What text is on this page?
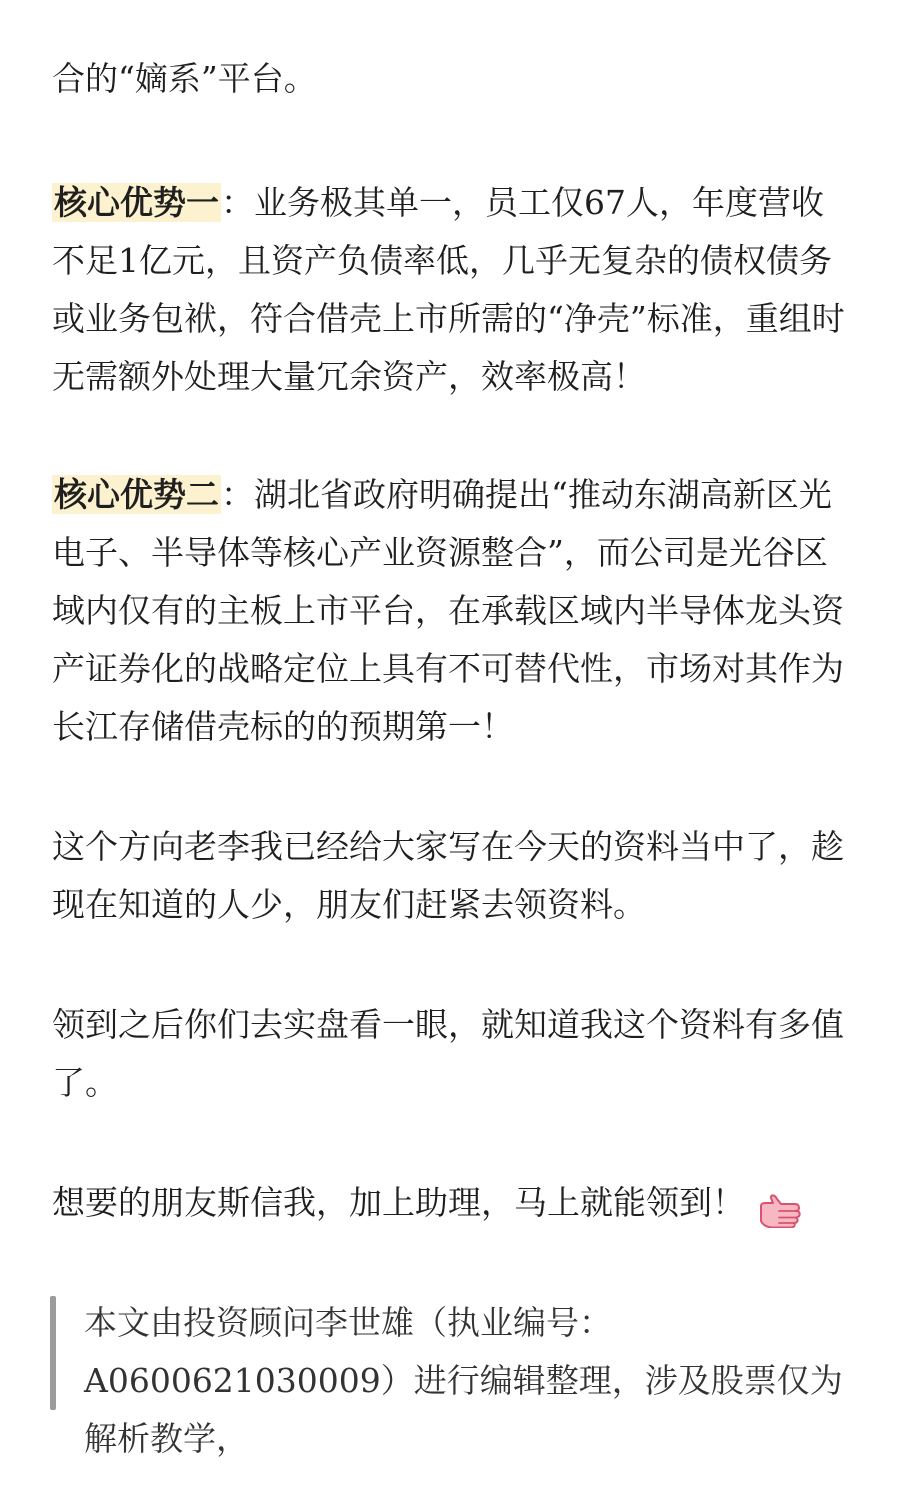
合的“嫡系”平台。

核心优势一：业务极其单一，员工仅67人，年度营收不足1亿元，且资产负债率低，几乎无复杂的债权债务或业务包袱，符合借壳上市所需的“净壳”标准，重组时无需额外处理大量冗余资产，效率极高！

核心优势二：湖北省政府明确提出“推动东湖高新区光电子、半导体等核心产业资源整合”，而公司是光谷区域内仅有的主板上市平台，在承载区域内半导体龙头资产证券化的战略定位上具有不可替代性，市场对其作为长江存储借壳标的的预期第一！

这个方向老李我已经给大家写在今天的资料当中了，趁现在知道的人少，朋友们赶紧去领资料。

领到之后你们去实盘看一眼，就知道我这个资料有多值了。

想要的朋友斯信我，加上助理，马上就能领到！

本文由投资顾问李世雄（执业编号：A0600621030009）进行编辑整理，涉及股票仅为解析教学，
